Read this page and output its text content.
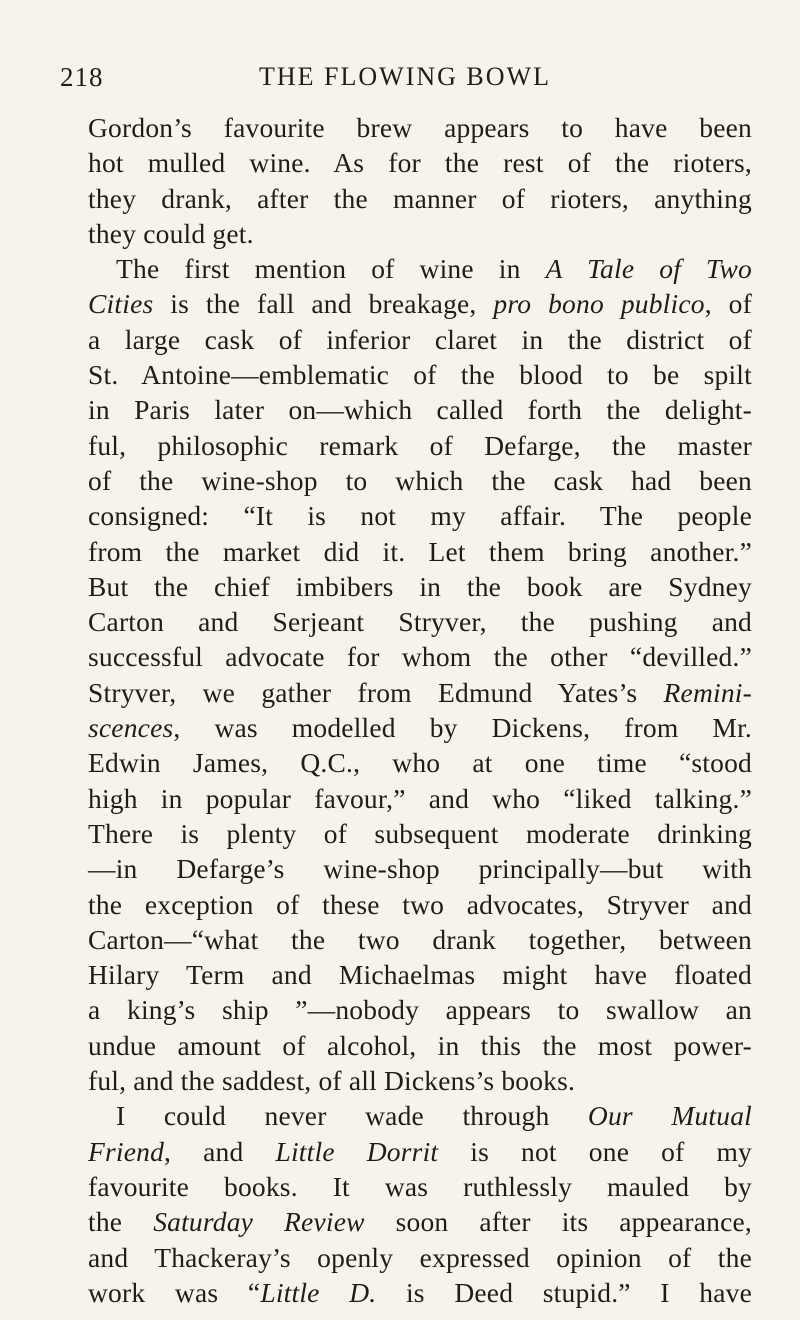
218	THE FLOWING BOWL
Gordon’s favourite brew appears to have been
hot mulled wine. As for the rest of the rioters,
they drank, after the manner of rioters, anything
they could get.
The first mention of wine in A Tale of Two
Cities is the fall and breakage, pro bono publico, of
a large cask of inferior claret in the district of
St. Antoine—emblematic of the blood to be spilt
in Paris later on—which called forth the delight-
ful, philosophic remark of Defarge, the master
of the wine-shop to which the cask had been
consigned: “It is not my affair. The people
from the market did it. Let them bring another.”
But the chief imbibers in the book are Sydney
Carton and Serjeant Stryver, the pushing and
successful advocate for whom the other “devilled.”
Stryver, we gather from Edmund Yates’s Remini-
scences, was modelled by Dickens, from Mr.
Edwin James, Q.C., who at one time “stood
high in popular favour,” and who “liked talking.”
There is plenty of subsequent moderate drinking
—in Defarge’s wine-shop principally—but with
the exception of these two advocates, Stryver and
Carton—“what the two drank together, between
Hilary Term and Michaelmas might have floated
a king’s ship ”—nobody appears to swallow an
undue amount of alcohol, in this the most power-
ful, and the saddest, of all Dickens’s books.
I could never wade through Our Mutual
Friend, and Little Dorrit is not one of my
favourite books. It was ruthlessly mauled by
the Saturday Review soon after its appearance,
and Thackeray’s openly expressed opinion of the
work was “Little D. is Deed stupid.” I have
